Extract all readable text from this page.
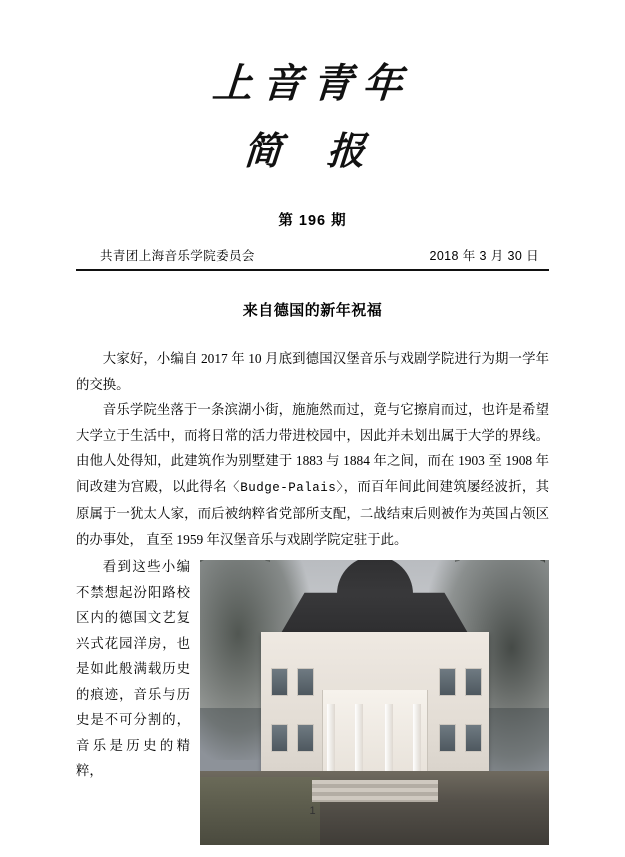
上音青年
简 报
第 196 期
共青团上海音乐学院委员会	2018 年 3 月 30 日
来自德国的新年祝福

大家好，小编自 2017 年 10 月底到德国汉堡音乐与戏剧学院进行为期一学年的交换。

音乐学院坐落于一条滨湖小街，施施然而过，竟与它擦肩而过，也许是希望大学立于生活中，而将日常的活力带进校园中，因此并未划出属于大学的界线。由他人处得知，此建筑作为别墅建于 1883 与 1884 年之间，而在 1903 至 1908 年间改建为宫殿，以此得名〈Budge‐Palais〉，而百年间此间建筑屡经波折，其原属于一犹太人家，而后被纳粹省党部所支配，二战结束后则被作为英国占领区的办事处， 直至 1959 年汉堡音乐与戏剧学院定驻于此。

看到这些小编不禁想起汾阳路校区内的德国文艺复兴式花园洋房，也是如此般满载历史的痕迹，音乐与历史是不可分割的，音乐是历史的精粹，

1
